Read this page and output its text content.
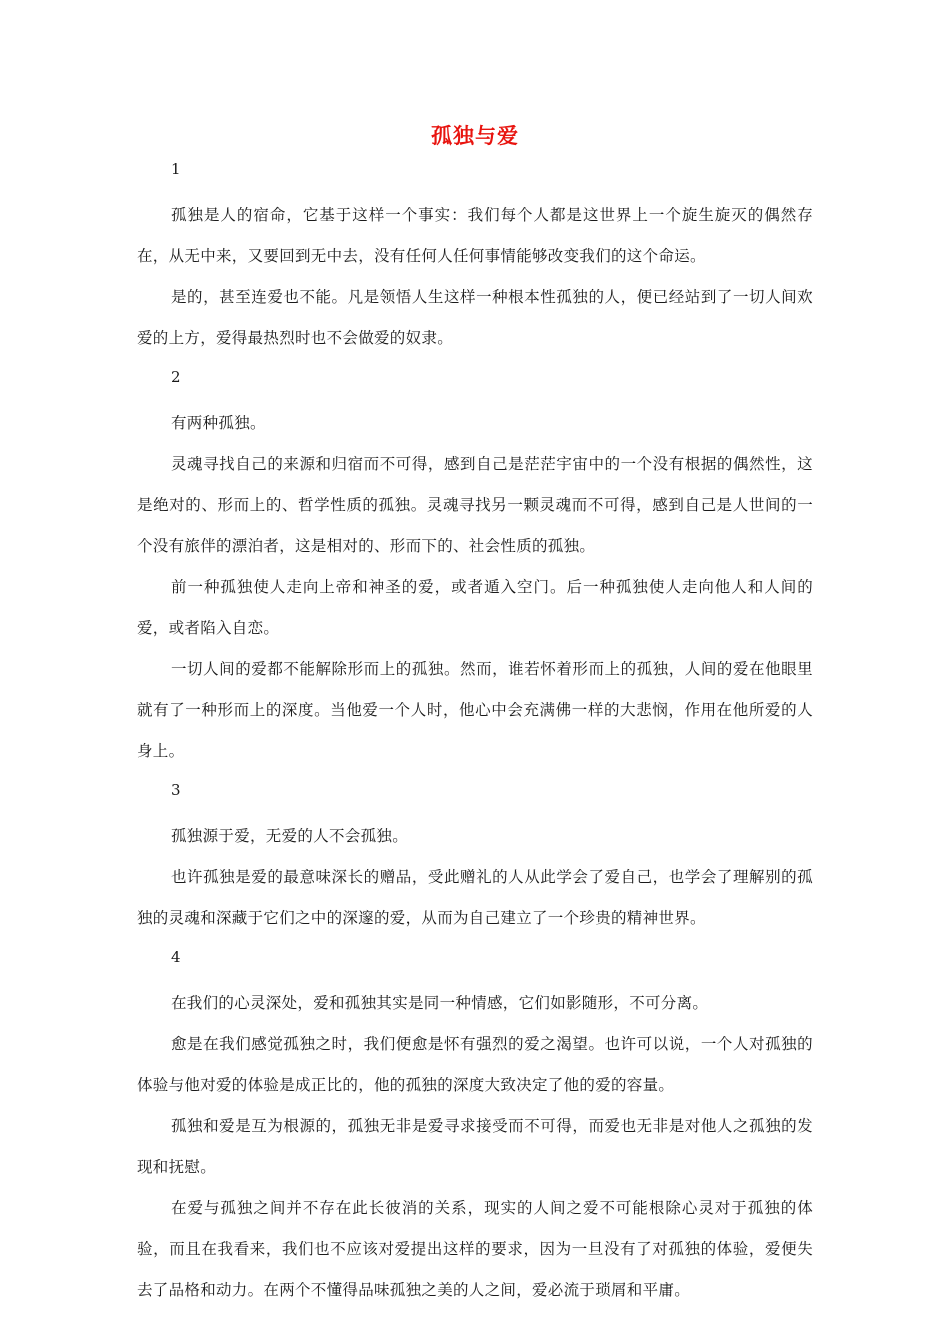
孤独与爱

1

孤独是人的宿命，它基于这样一个事实：我们每个人都是这世界上一个旋生旋灭的偶然存在，从无中来，又要回到无中去，没有任何人任何事情能够改变我们的这个命运。

是的，甚至连爱也不能。凡是领悟人生这样一种根本性孤独的人，便已经站到了一切人间欢爱的上方，爱得最热烈时也不会做爱的奴隶。

2

有两种孤独。

灵魂寻找自己的来源和归宿而不可得，感到自己是茫茫宇宙中的一个没有根据的偶然性，这是绝对的、形而上的、哲学性质的孤独。灵魂寻找另一颗灵魂而不可得，感到自己是人世间的一个没有旅伴的漂泊者，这是相对的、形而下的、社会性质的孤独。

前一种孤独使人走向上帝和神圣的爱，或者遁入空门。后一种孤独使人走向他人和人间的爱，或者陷入自恋。

一切人间的爱都不能解除形而上的孤独。然而，谁若怀着形而上的孤独，人间的爱在他眼里就有了一种形而上的深度。当他爱一个人时，他心中会充满佛一样的大悲悯，作用在他所爱的人身上。

3

孤独源于爱，无爱的人不会孤独。

也许孤独是爱的最意味深长的赠品，受此赠礼的人从此学会了爱自己，也学会了理解别的孤独的灵魂和深藏于它们之中的深邃的爱，从而为自己建立了一个珍贵的精神世界。

4

在我们的心灵深处，爱和孤独其实是同一种情感，它们如影随形，不可分离。

愈是在我们感觉孤独之时，我们便愈是怀有强烈的爱之渴望。也许可以说，一个人对孤独的体验与他对爱的体验是成正比的，他的孤独的深度大致决定了他的爱的容量。

孤独和爱是互为根源的，孤独无非是爱寻求接受而不可得，而爱也无非是对他人之孤独的发现和抚慰。

在爱与孤独之间并不存在此长彼消的关系，现实的人间之爱不可能根除心灵对于孤独的体验，而且在我看来，我们也不应该对爱提出这样的要求，因为一旦没有了对孤独的体验，爱便失去了品格和动力。在两个不懂得品味孤独之美的人之间，爱必流于琐屑和平庸。
